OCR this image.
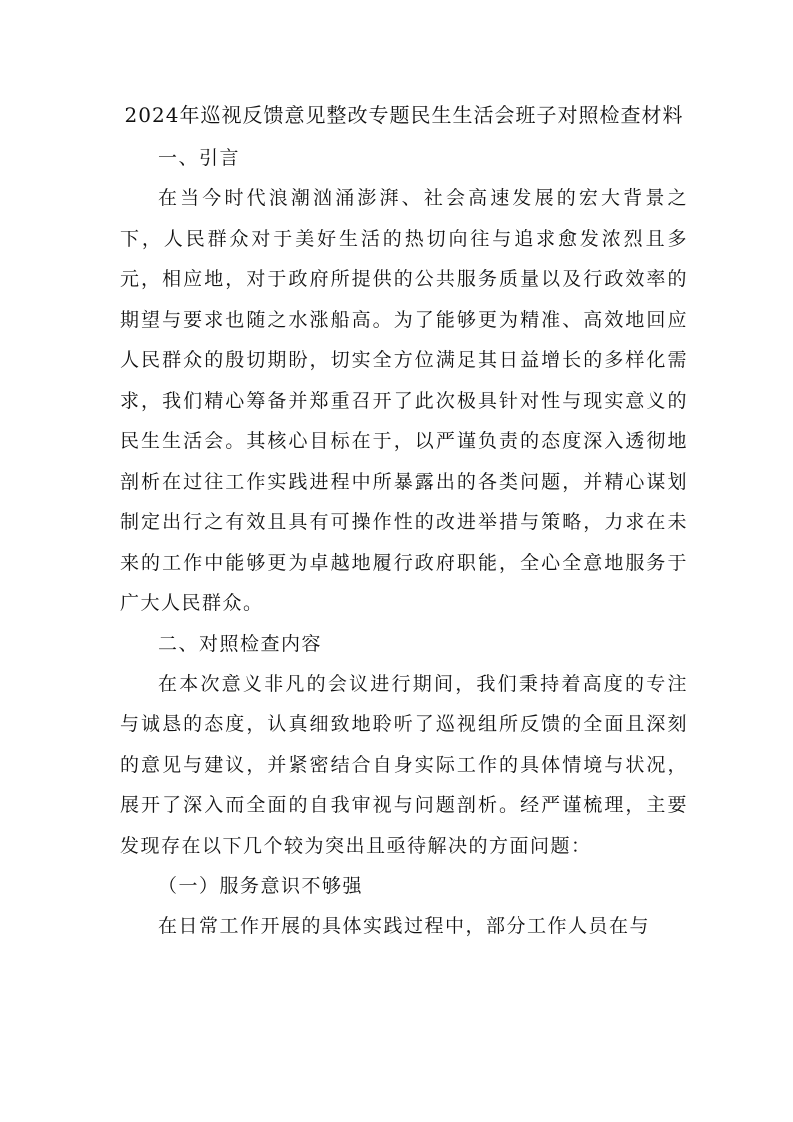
2024年巡视反馈意见整改专题民生生活会班子对照检查材料

一、引言

在当今时代浪潮汹涌澎湃、社会高速发展的宏大背景之下，人民群众对于美好生活的热切向往与追求愈发浓烈且多元，相应地，对于政府所提供的公共服务质量以及行政效率的期望与要求也随之水涨船高。为了能够更为精准、高效地回应人民群众的殷切期盼，切实全方位满足其日益增长的多样化需求，我们精心筹备并郑重召开了此次极具针对性与现实意义的民生生活会。其核心目标在于，以严谨负责的态度深入透彻地剖析在过往工作实践进程中所暴露出的各类问题，并精心谋划制定出行之有效且具有可操作性的改进举措与策略，力求在未来的工作中能够更为卓越地履行政府职能，全心全意地服务于广大人民群众。

二、对照检查内容

在本次意义非凡的会议进行期间，我们秉持着高度的专注与诚恳的态度，认真细致地聆听了巡视组所反馈的全面且深刻的意见与建议，并紧密结合自身实际工作的具体情境与状况，展开了深入而全面的自我审视与问题剖析。经严谨梳理，主要发现存在以下几个较为突出且亟待解决的方面问题：

（一）服务意识不够强

在日常工作开展的具体实践过程中，部分工作人员在与
